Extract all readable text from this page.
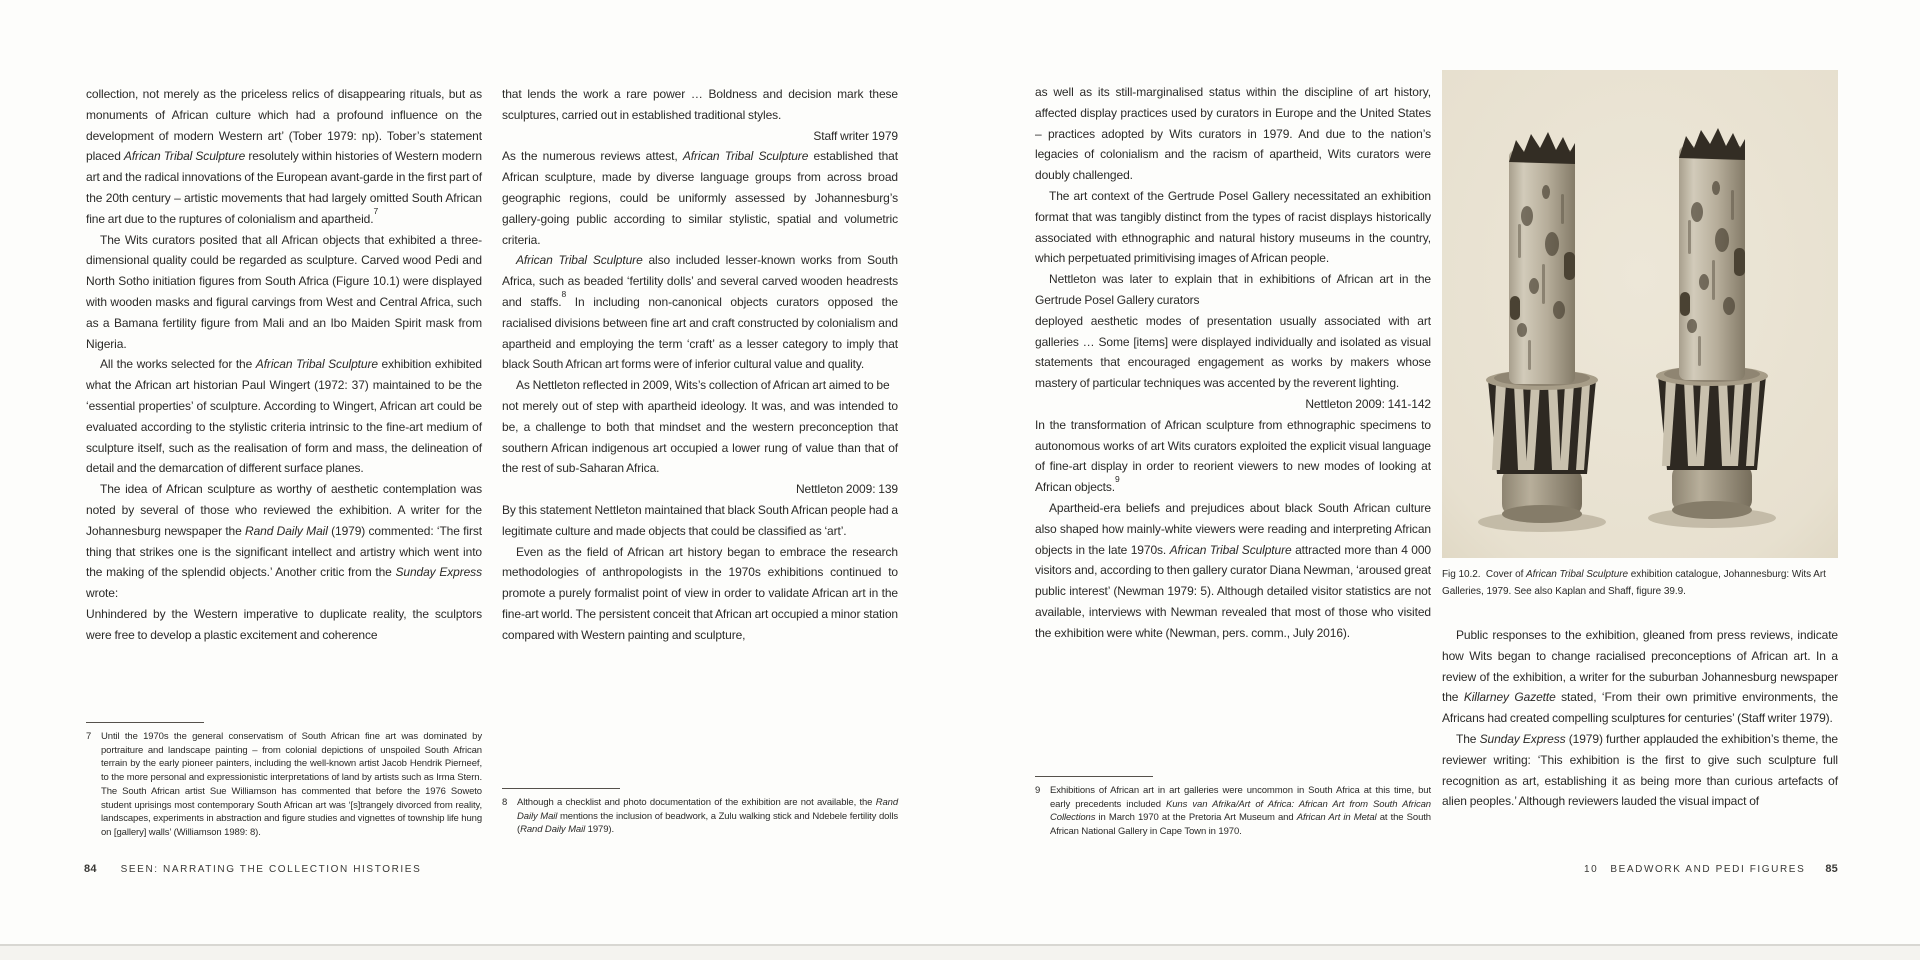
collection, not merely as the priceless relics of disappearing rituals, but as monuments of African culture which had a profound influence on the development of modern Western art’ (Tober 1979: np). Tober’s statement placed African Tribal Sculpture resolutely within histories of Western modern art and the radical innovations of the European avant-garde in the first part of the 20th century – artistic movements that had largely omitted South African fine art due to the ruptures of colonialism and apartheid.$^7$

The Wits curators posited that all African objects that exhibited a three-dimensional quality could be regarded as sculpture. Carved wood Pedi and North Sotho initiation figures from South Africa (Figure 10.1) were displayed with wooden masks and figural carvings from West and Central Africa, such as a Bamana fertility figure from Mali and an Ibo Maiden Spirit mask from Nigeria.

All the works selected for the African Tribal Sculpture exhibition exhibited what the African art historian Paul Wingert (1972: 37) maintained to be the ‘essential properties’ of sculpture. According to Wingert, African art could be evaluated according to the stylistic criteria intrinsic to the fine-art medium of sculpture itself, such as the realisation of form and mass, the delineation of detail and the demarcation of different surface planes.

The idea of African sculpture as worthy of aesthetic contemplation was noted by several of those who reviewed the exhibition. A writer for the Johannesburg newspaper the Rand Daily Mail (1979) commented: ‘The first thing that strikes one is the significant intellect and artistry which went into the making of the splendid objects.’ Another critic from the Sunday Express wrote:

Unhindered by the Western imperative to duplicate reality, the sculptors were free to develop a plastic excitement and coherence

7	Until the 1970s the general conservatism of South African fine art was dominated by portraiture and landscape painting – from colonial depictions of unspoiled South African terrain by the early pioneer painters, including the well-known artist Jacob Hendrik Pierneef, to the more personal and expressionistic interpretations of land by artists such as Irma Stern. The South African artist Sue Williamson has commented that before the 1976 Soweto student uprisings most contemporary South African art was ‘[s]trangely divorced from reality, landscapes, experiments in abstraction and figure studies and vignettes of township life hung on [gallery] walls’ (Williamson 1989: 8).

that lends the work a rare power … Boldness and decision mark these sculptures, carried out in established traditional styles.

Staff writer 1979

As the numerous reviews attest, African Tribal Sculpture established that African sculpture, made by diverse language groups from across broad geographic regions, could be uniformly assessed by Johannesburg’s gallery-going public according to similar stylistic, spatial and volumetric criteria.

African Tribal Sculpture also included lesser-known works from South Africa, such as beaded ‘fertility dolls’ and several carved wooden headrests and staffs.$^8$ In including non-canonical objects curators opposed the racialised divisions between fine art and craft constructed by colonialism and apartheid and employing the term ‘craft’ as a lesser category to imply that black South African art forms were of inferior cultural value and quality.

As Nettleton reflected in 2009, Wits’s collection of African art aimed to be

not merely out of step with apartheid ideology. It was, and was intended to be, a challenge to both that mindset and the western preconception that southern African indigenous art occupied a lower rung of value than that of the rest of sub-Saharan Africa.

Nettleton 2009: 139

By this statement Nettleton maintained that black South African people had a legitimate culture and made objects that could be classified as ‘art’.

Even as the field of African art history began to embrace the research methodologies of anthropologists in the 1970s exhibitions continued to promote a purely formalist point of view in order to validate African art in the fine-art world. The persistent conceit that African art occupied a minor station compared with Western painting and sculpture,

8	Although a checklist and photo documentation of the exhibition are not available, the Rand Daily Mail mentions the inclusion of beadwork, a Zulu walking stick and Ndebele fertility dolls (Rand Daily Mail 1979).
84 SEEN: NARRATING THE COLLECTION HISTORIES

as well as its still-marginalised status within the discipline of art history, affected display practices used by curators in Europe and the United States – practices adopted by Wits curators in 1979. And due to the nation’s legacies of colonialism and the racism of apartheid, Wits curators were doubly challenged.

The art context of the Gertrude Posel Gallery necessitated an exhibition format that was tangibly distinct from the types of racist displays historically associated with ethnographic and natural history museums in the country, which perpetuated primitivising images of African people.

Nettleton was later to explain that in exhibitions of African art in the Gertrude Posel Gallery curators

deployed aesthetic modes of presentation usually associated with art galleries … Some [items] were displayed individually and isolated as visual statements that encouraged engagement as works by makers whose mastery of particular techniques was accented by the reverent lighting.

Nettleton 2009: 141-142

In the transformation of African sculpture from ethnographic specimens to autonomous works of art Wits curators exploited the explicit visual language of fine-art display in order to reorient viewers to new modes of looking at African objects.$^9$

Apartheid-era beliefs and prejudices about black South African culture also shaped how mainly-white viewers were reading and interpreting African objects in the late 1970s. African Tribal Sculpture attracted more than 4 000 visitors and, according to then gallery curator Diana Newman, ‘aroused great public interest’ (Newman 1979: 5). Although detailed visitor statistics are not available, interviews with Newman revealed that most of those who visited the exhibition were white (Newman, pers. comm., July 2016).

9	Exhibitions of African art in art galleries were uncommon in South Africa at this time, but early precedents included Kuns van Afrika/Art of Africa: African Art from South African Collections in March 1970 at the Pretoria Art Museum and African Art in Metal at the South African National Gallery in Cape Town in 1970.
Fig 10.2.  Cover of African Tribal Sculpture exhibition catalogue, Johannesburg: Wits Art Galleries, 1979. See also Kaplan and Shaff, figure 39.9.

Public responses to the exhibition, gleaned from press reviews, indicate how Wits began to change racialised preconceptions of African art. In a review of the exhibition, a writer for the suburban Johannesburg newspaper the Killarney Gazette stated, ‘From their own primitive environments, the Africans had created compelling sculptures for centuries’ (Staff writer 1979).

The Sunday Express (1979) further applauded the exhibition’s theme, the reviewer writing: ‘This exhibition is the first to give such sculpture full recognition as art, establishing it as being more than curious artefacts of alien peoples.’ Although reviewers lauded the visual impact of

10 BEADWORK AND PEDI FIGURES 85
